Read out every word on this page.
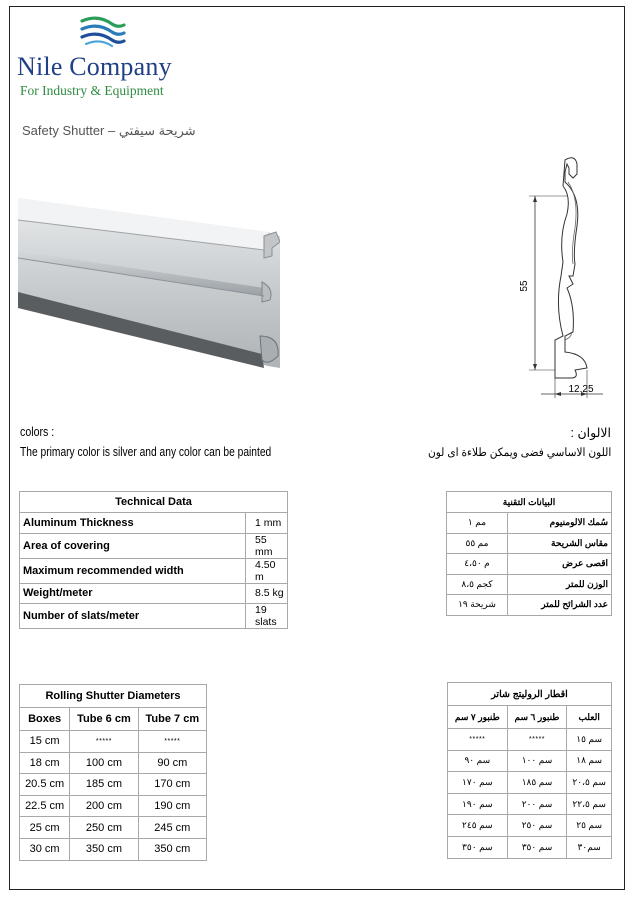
Nile Company
For Industry & Equipment
Safety Shutter – شريحة سيفتي
55
12.25
colors :
The primary color is silver and any color can be painted
الالوان :
اللون الاساسي فضى ويمكن طلاءة اى لون
Technical Data	
Aluminum Thickness	1 mm
Area of covering	55 mm
Maximum recommended width	4.50 m
Weight/meter	8.5 kg
Number of slats/meter	19 slats
البيانات التقنية	
سُمك الالومنيوم	مم ١
مقاس الشريحة	مم ٥٥
اقصى عرض	م ٤،٥٠
الوزن للمتر	كجم ٨،٥
عدد الشرائح للمتر	شريحة ١٩
Rolling Shutter Diameters		
Boxes	Tube 6 cm	Tube 7 cm
15 cm	*****	*****
18 cm	100 cm	90 cm
20.5 cm	185 cm	170 cm
22.5 cm	200 cm	190 cm
25 cm	250 cm	245 cm
30 cm	350 cm	350 cm
اقطار الروليتج شاتر		
العلب	طنبور ٦ سم	طنبور ٧ سم
سم ١٥	*****	*****
سم ١٨	سم ١٠٠	سم ٩٠
سم ٢٠،٥	سم ١٨٥	سم ١٧٠
سم ٢٢،٥	سم ٢٠٠	سم ١٩٠
سم ٢٥	سم ٢٥٠	سم ٢٤٥
سم٣٠	سم ٣٥٠	سم ٣٥٠
